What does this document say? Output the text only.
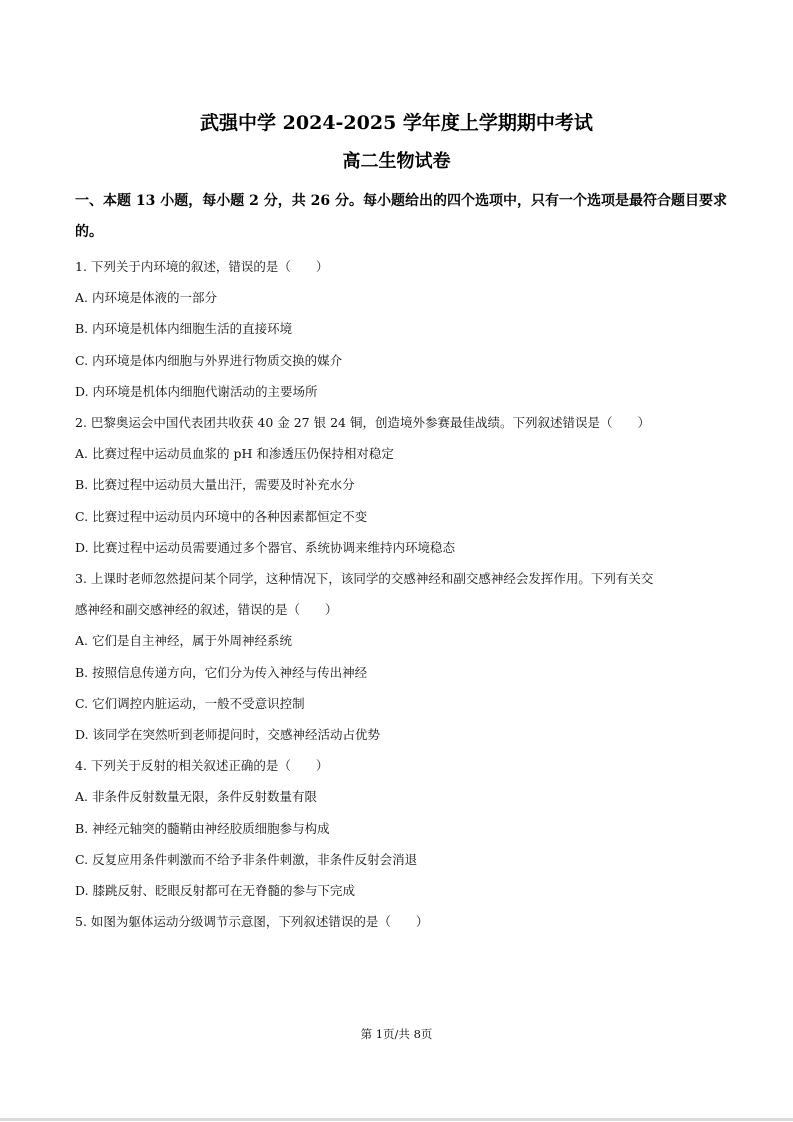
武强中学 2024-2025 学年度上学期期中考试
高二生物试卷
一、本题 13 小题，每小题 2 分，共 26 分。每小题给出的四个选项中，只有一个选项是最符合题目要求的。
1. 下列关于内环境的叙述，错误的是（　　）
A. 内环境是体液的一部分
B. 内环境是机体内细胞生活的直接环境
C. 内环境是体内细胞与外界进行物质交换的媒介
D. 内环境是机体内细胞代谢活动的主要场所
2. 巴黎奥运会中国代表团共收获 40 金 27 银 24 铜，创造境外参赛最佳战绩。下列叙述错误是（　　）
A. 比赛过程中运动员血浆的 pH 和渗透压仍保持相对稳定
B. 比赛过程中运动员大量出汗，需要及时补充水分
C. 比赛过程中运动员内环境中的各种因素都恒定不变
D. 比赛过程中运动员需要通过多个器官、系统协调来维持内环境稳态
3. 上课时老师忽然提问某个同学，这种情况下，该同学的交感神经和副交感神经会发挥作用。下列有关交
感神经和副交感神经的叙述，错误的是（　　）
A. 它们是自主神经，属于外周神经系统
B. 按照信息传递方向，它们分为传入神经与传出神经
C. 它们调控内脏运动，一般不受意识控制
D. 该同学在突然听到老师提问时，交感神经活动占优势
4. 下列关于反射的相关叙述正确的是（　　）
A. 非条件反射数量无限，条件反射数量有限
B. 神经元轴突的髓鞘由神经胶质细胞参与构成
C. 反复应用条件刺激而不给予非条件刺激，非条件反射会消退
D. 膝跳反射、眨眼反射都可在无脊髓的参与下完成
5. 如图为躯体运动分级调节示意图，下列叙述错误的是（　　）
第 1页/共 8页
